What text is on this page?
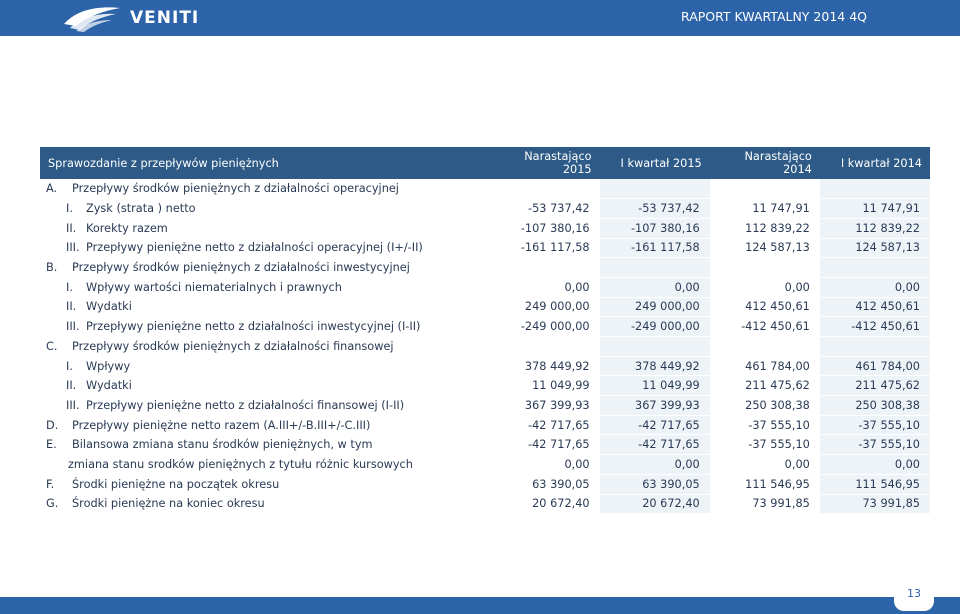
VENITI	RAPORT KWARTALNY 2014 4Q
Sprawozdanie z przepływów pieniężnych	Narastająco 2015	I kwartał 2015	Narastająco 2014	I kwartał 2014
A. Przepływy środków pieniężnych z działalności operacyjnej				
I. Zysk (strata ) netto	-53 737,42	-53 737,42	11 747,91	11 747,91
II. Korekty razem	-107 380,16	-107 380,16	112 839,22	112 839,22
III. Przepływy pieniężne netto z działalności operacyjnej (I+/-II)	-161 117,58	-161 117,58	124 587,13	124 587,13
B. Przepływy środków pieniężnych z działalności inwestycyjnej				
I. Wpływy wartości niematerialnych i prawnych	0,00	0,00	0,00	0,00
II. Wydatki	249 000,00	249 000,00	412 450,61	412 450,61
III. Przepływy pieniężne netto z działalności inwestycyjnej (I-II)	-249 000,00	-249 000,00	-412 450,61	-412 450,61
C. Przepływy środków pieniężnych z działalności finansowej				
I. Wpływy	378 449,92	378 449,92	461 784,00	461 784,00
II. Wydatki	11 049,99	11 049,99	211 475,62	211 475,62
III. Przepływy pieniężne netto z działalności finansowej (I-II)	367 399,93	367 399,93	250 308,38	250 308,38
D. Przepływy pieniężne netto razem (A.III+/-B.III+/-C.III)	-42 717,65	-42 717,65	-37 555,10	-37 555,10
E. Bilansowa zmiana stanu środków pieniężnych, w tym	-42 717,65	-42 717,65	-37 555,10	-37 555,10
zmiana stanu srodków pieniężnych z tytułu różnic kursowych	0,00	0,00	0,00	0,00
F. Środki pieniężne na początek okresu	63 390,05	63 390,05	111 546,95	111 546,95
G. Środki pieniężne na koniec okresu	20 672,40	20 672,40	73 991,85	73 991,85
13
